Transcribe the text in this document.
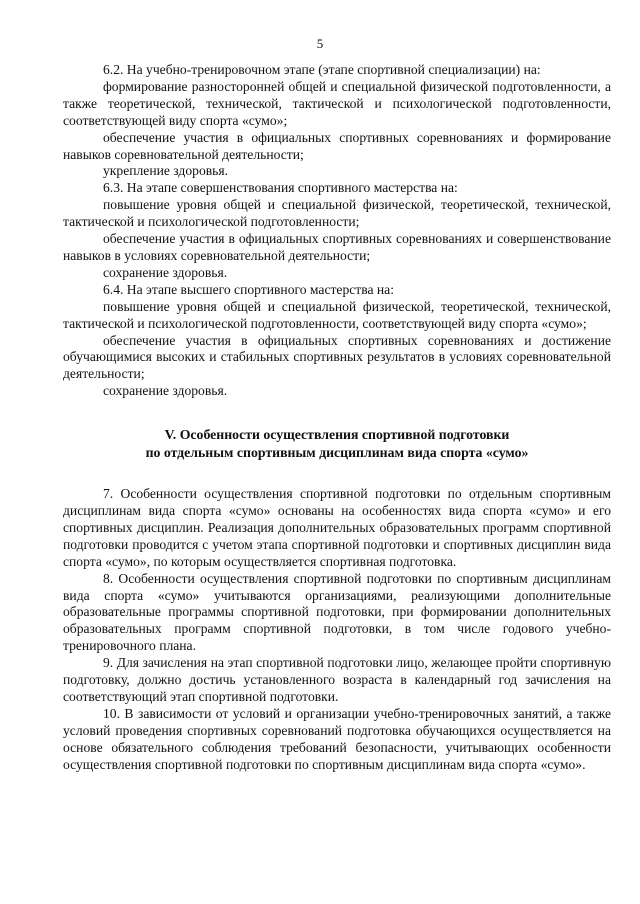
5

6.2. На учебно-тренировочном этапе (этапе спортивной специализации) на:

формирование разносторонней общей и специальной физической подготовленности, а также теоретической, технической, тактической и психологической подготовленности, соответствующей виду спорта «сумо»;

обеспечение участия в официальных спортивных соревнованиях и формирование навыков соревновательной деятельности;

укрепление здоровья.

6.3. На этапе совершенствования спортивного мастерства на:

повышение уровня общей и специальной физической, теоретической, технической, тактической и психологической подготовленности;

обеспечение участия в официальных спортивных соревнованиях и совершенствование навыков в условиях соревновательной деятельности;

сохранение здоровья.

6.4. На этапе высшего спортивного мастерства на:

повышение уровня общей и специальной физической, теоретической, технической, тактической и психологической подготовленности, соответствующей виду спорта «сумо»;

обеспечение участия в официальных спортивных соревнованиях и достижение обучающимися высоких и стабильных спортивных результатов в условиях соревновательной деятельности;

сохранение здоровья.

V. Особенности осуществления спортивной подготовки
по отдельным спортивным дисциплинам вида спорта «сумо»

7. Особенности осуществления спортивной подготовки по отдельным спортивным дисциплинам вида спорта «сумо» основаны на особенностях вида спорта «сумо» и его спортивных дисциплин. Реализация дополнительных образовательных программ спортивной подготовки проводится с учетом этапа спортивной подготовки и спортивных дисциплин вида спорта «сумо», по которым осуществляется спортивная подготовка.

8. Особенности осуществления спортивной подготовки по спортивным дисциплинам вида спорта «сумо» учитываются организациями, реализующими дополнительные образовательные программы спортивной подготовки, при формировании дополнительных образовательных программ спортивной подготовки, в том числе годового учебно-тренировочного плана.

9. Для зачисления на этап спортивной подготовки лицо, желающее пройти спортивную подготовку, должно достичь установленного возраста в календарный год зачисления на соответствующий этап спортивной подготовки.

10. В зависимости от условий и организации учебно-тренировочных занятий, а также условий проведения спортивных соревнований подготовка обучающихся осуществляется на основе обязательного соблюдения требований безопасности, учитывающих особенности осуществления спортивной подготовки по спортивным дисциплинам вида спорта «сумо».
